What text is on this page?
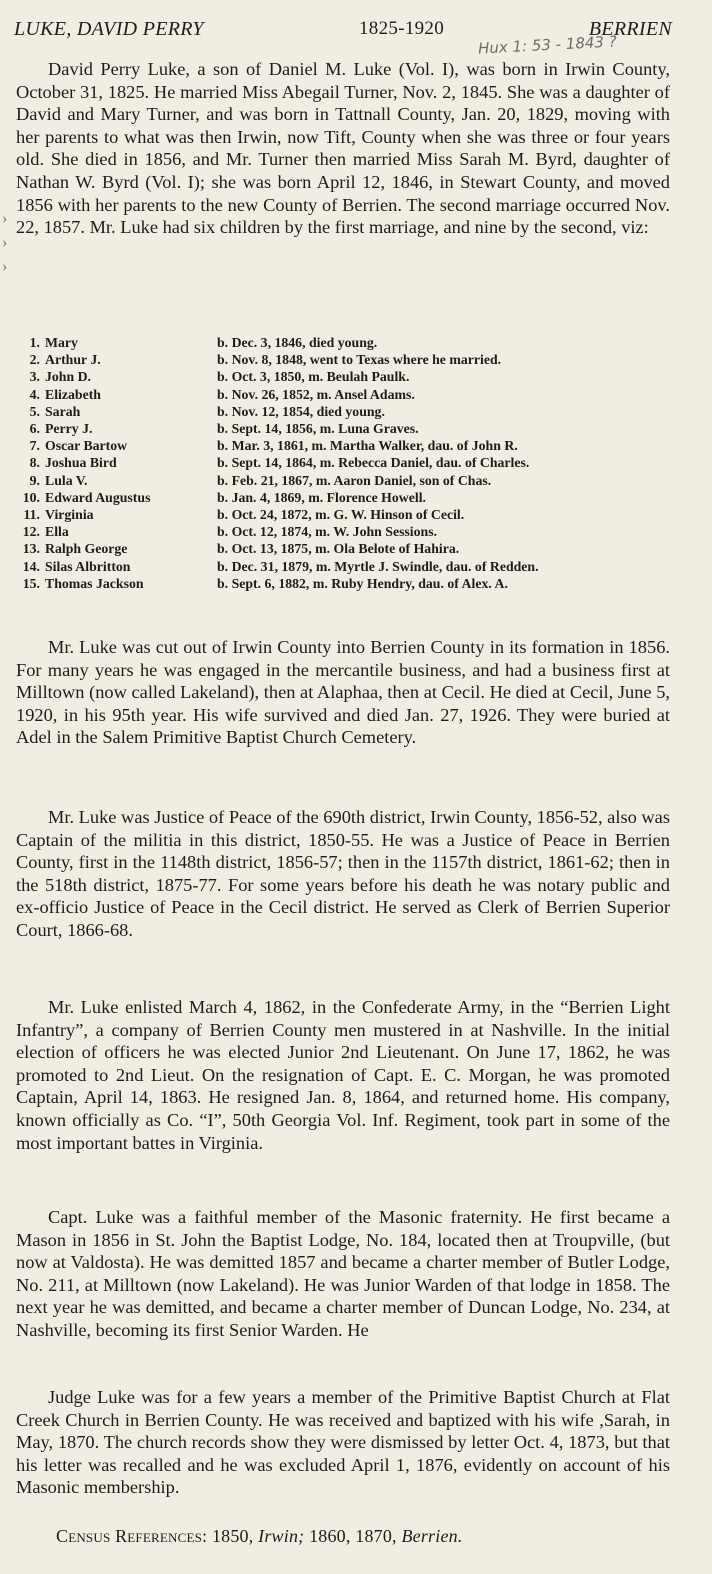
LUKE, DAVID PERRY	1825-1920	BERRIEN
Hux 1: 53 - 1843 ?

David Perry Luke, a son of Daniel M. Luke (Vol. I), was born in Irwin County, October 31, 1825. He married Miss Abegail Turner, Nov. 2, 1845. She was a daughter of David and Mary Turner, and was born in Tattnall County, Jan. 20, 1829, moving with her parents to what was then Irwin, now Tift, County when she was three or four years old. She died in 1856, and Mr. Turner then married Miss Sarah M. Byrd, daughter of Nathan W. Byrd (Vol. I); she was born April 12, 1846, in Stewart County, and moved 1856 with her parents to the new County of Berrien. The second marriage occurred Nov. 22, 1857. Mr. Luke had six children by the first marriage, and nine by the second, viz:

1. Mary	b. Dec. 3, 1846, died young.
2. Arthur J.	b. Nov. 8, 1848, went to Texas where he married.
3. John D.	b. Oct. 3, 1850, m. Beulah Paulk.
4. Elizabeth	b. Nov. 26, 1852, m. Ansel Adams.
5. Sarah	b. Nov. 12, 1854, died young.
6. Perry J.	b. Sept. 14, 1856, m. Luna Graves.
7. Oscar Bartow	b. Mar. 3, 1861, m. Martha Walker, dau. of John R.
8. Joshua Bird	b. Sept. 14, 1864, m. Rebecca Daniel, dau. of Charles.
9. Lula V.	b. Feb. 21, 1867, m. Aaron Daniel, son of Chas.
10. Edward Augustus	b. Jan. 4, 1869, m. Florence Howell.
11. Virginia	b. Oct. 24, 1872, m. G. W. Hinson of Cecil.
12. Ella	b. Oct. 12, 1874, m. W. John Sessions.
13. Ralph George	b. Oct. 13, 1875, m. Ola Belote of Hahira.
14. Silas Albritton	b. Dec. 31, 1879, m. Myrtle J. Swindle, dau. of Redden.
15. Thomas Jackson	b. Sept. 6, 1882, m. Ruby Hendry, dau. of Alex. A.

Mr. Luke was cut out of Irwin County into Berrien County in its formation in 1856. For many years he was engaged in the mercantile business, and had a business first at Milltown (now called Lakeland), then at Alaphaa, then at Cecil. He died at Cecil, June 5, 1920, in his 95th year. His wife survived and died Jan. 27, 1926. They were buried at Adel in the Salem Primitive Baptist Church Cemetery.

Mr. Luke was Justice of Peace of the 690th district, Irwin County, 1856-52, also was Captain of the militia in this district, 1850-55. He was a Justice of Peace in Berrien County, first in the 1148th district, 1856-57; then in the 1157th district, 1861-62; then in the 518th district, 1875-77. For some years before his death he was notary public and ex-officio Justice of Peace in the Cecil district. He served as Clerk of Berrien Superior Court, 1866-68.

Mr. Luke enlisted March 4, 1862, in the Confederate Army, in the “Berrien Light Infantry”, a company of Berrien County men mustered in at Nashville. In the initial election of officers he was elected Junior 2nd Lieutenant. On June 17, 1862, he was promoted to 2nd Lieut. On the resignation of Capt. E. C. Morgan, he was promoted Captain, April 14, 1863. He resigned Jan. 8, 1864, and returned home. His company, known officially as Co. “I”, 50th Georgia Vol. Inf. Regiment, took part in some of the most important battes in Virginia.

Capt. Luke was a faithful member of the Masonic fraternity. He first became a Mason in 1856 in St. John the Baptist Lodge, No. 184, located then at Troupville, (but now at Valdosta). He was demitted 1857 and became a charter member of Butler Lodge, No. 211, at Milltown (now Lakeland). He was Junior Warden of that lodge in 1858. The next year he was demitted, and became a charter member of Duncan Lodge, No. 234, at Nashville, becoming its first Senior Warden. He

Judge Luke was for a few years a member of the Primitive Baptist Church at Flat Creek Church in Berrien County. He was received and baptized with his wife ,Sarah, in May, 1870. The church records show they were dismissed by letter Oct. 4, 1873, but that his letter was recalled and he was excluded April 1, 1876, evidently on account of his Masonic membership.

Census References: 1850, Irwin; 1860, 1870, Berrien.
›
›
›
